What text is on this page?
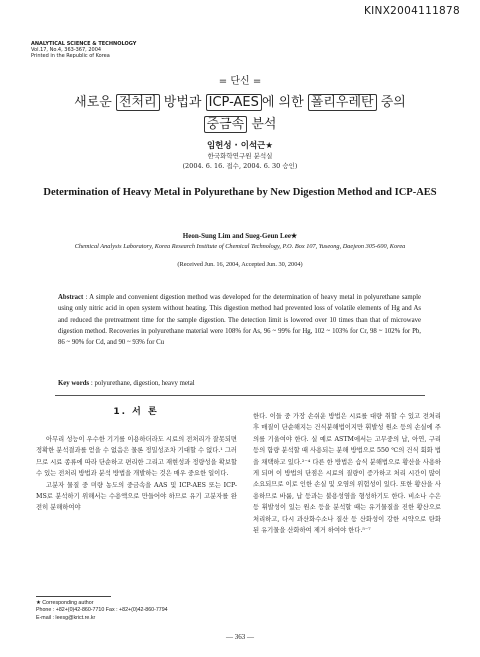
KINX2004111878
ANALYTICAL SCIENCE & TECHNOLOGY
Vol.17, No.4, 363-367, 2004
Printed in the Republic of Korea
= 단신 =
새로운 전처리 방법과 ICP-AES 에 의한 폴리우레탄 중의
중금속 분석
임헌성 · 이석근★
한국화학연구원 분석실
(2004. 6. 16. 접수, 2004. 6. 30 승인)
Determination of Heavy Metal in Polyurethane by New Digestion Method and ICP-AES
Heon-Sung Lim and Sueg-Geun Lee★
Chemical Analysis Laboratory, Korea Research Institute of Chemical Technology, P.O. Box 107, Yuseong, Daejeon 305-600, Korea
(Received Jun. 16, 2004, Accepted Jun. 30, 2004)
Abstract : A simple and convenient digestion method was developed for the determination of heavy metal in polyurethane sample using only nitric acid in open system without heating. This digestion method had prevented loss of volatile elements of Hg and As and reduced the pretreatment time for the sample digestion. The detection limit is lowered over 10 times than that of microwave digestion method. Recoveries in polyurethane material were 108% for As, 96 ~ 99% for Hg, 102 ~ 103% for Cr, 98 ~ 102% for Pb, 86 ~ 90% for Cd, and 90 ~ 93% for Cu
Key words : polyurethane, digestion, heavy metal
1. 서 론

아무리 성능이 우수한 기기를 이용하더라도 시료의 전처리가 잘못되면 정확한 분석결과를 얻을 수 없음은 물론 정밀성조차 기대할 수 없다.¹ 그러므로 시료 종류에 따라 단순하고 편리한 그리고 재현성과 정량성을 확보할 수 있는 전처리 방법과 분석 방법을 개발하는 것은 매우 중요한 일이다.

고분자 물질 중 미량 농도의 중금속을 AAS 및 ICP-AES 또는 ICP-MS로 분석하기 위해서는 수용액으로 만들어야 하므로 유기 고분자를 완전히 분해하여야

한다. 이들 중 가장 손쉬운 방법은 시료를 대량 취할 수 있고 전처리 후 매질이 단순해지는 건식분해법이지만 휘발성 원소 등의 손실에 주의를 기울여야 한다. 실 예로 ASTM에서는 고무중의 납, 아연, 구리 등의 함량 분석할 때 사용되는 분해 방법으로 550 ℃의 건식 회화 법을 채택하고 있다.²⁻⁴ 다른 한 방법은 습식 분해법으로 황산을 사용하게 되며 이 방법의 단점은 시료의 질량이 증가하고 처리 시간이 많이 소요되므로 이로 인한 손실 및 오염의 위험성이 있다. 또한 황산을 사용하므로 바륨, 납 등과는 불용성염을 형성하기도 한다. 비소나 수은 등 휘발성이 있는 원소 등을 분석할 때는 유기물질을 진한 황산으로 처리하고, 다시 과산화수소나 질산 등 산화성이 강한 시약으로 탄화된 유기물을 산화하여 제거 하여야 한다.⁵⁻⁷

★ Corresponding author
Phone : +82+(0)42-860-7710 Fax : +82+(0)42-860-7794
E-mail : leesg@krict.re.kr
— 363 —
